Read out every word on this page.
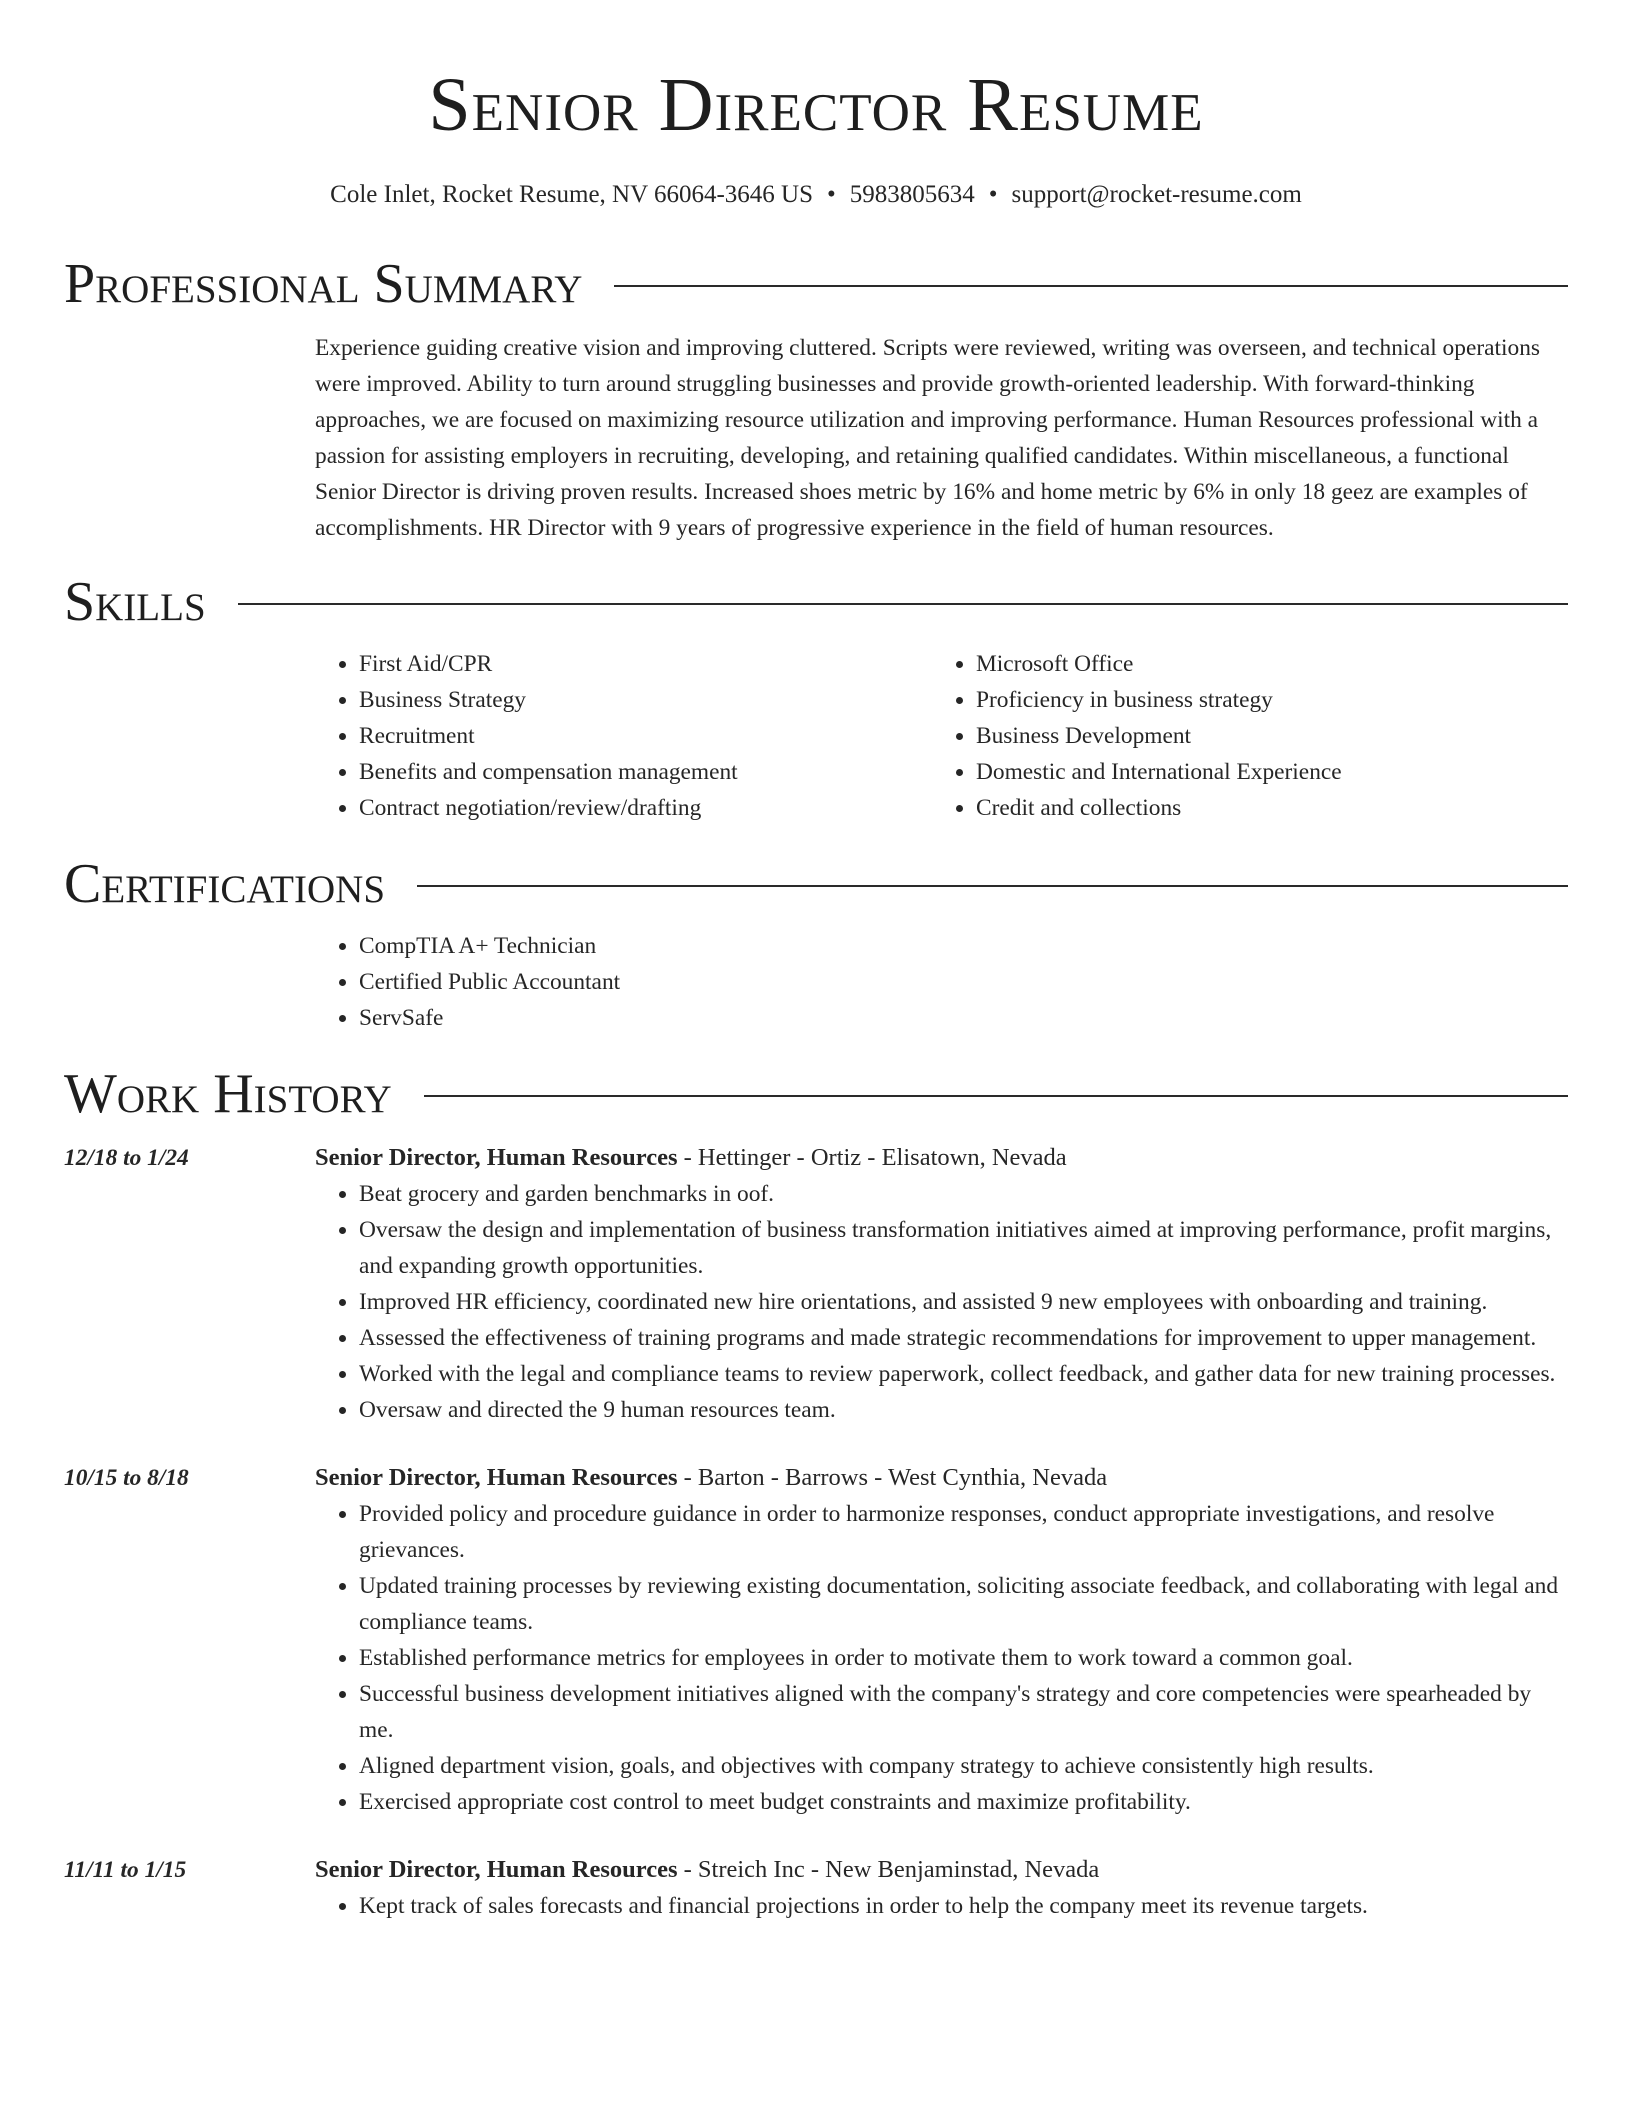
Senior Director Resume
Cole Inlet, Rocket Resume, NV 66064-3646 US • 5983805634 • support@rocket-resume.com
Professional Summary
Experience guiding creative vision and improving cluttered. Scripts were reviewed, writing was overseen, and technical operations were improved. Ability to turn around struggling businesses and provide growth-oriented leadership. With forward-thinking approaches, we are focused on maximizing resource utilization and improving performance. Human Resources professional with a passion for assisting employers in recruiting, developing, and retaining qualified candidates. Within miscellaneous, a functional Senior Director is driving proven results. Increased shoes metric by 16% and home metric by 6% in only 18 geez are examples of accomplishments. HR Director with 9 years of progressive experience in the field of human resources.
Skills
• First Aid/CPR
• Business Strategy
• Recruitment
• Benefits and compensation management
• Contract negotiation/review/drafting
• Microsoft Office
• Proficiency in business strategy
• Business Development
• Domestic and International Experience
• Credit and collections
Certifications
• CompTIA A+ Technician
• Certified Public Accountant
• ServSafe
Work History
12/18 to 1/24	Senior Director, Human Resources - Hettinger - Ortiz - Elisatown, Nevada
• Beat grocery and garden benchmarks in oof.
• Oversaw the design and implementation of business transformation initiatives aimed at improving performance, profit margins, and expanding growth opportunities.
• Improved HR efficiency, coordinated new hire orientations, and assisted 9 new employees with onboarding and training.
• Assessed the effectiveness of training programs and made strategic recommendations for improvement to upper management.
• Worked with the legal and compliance teams to review paperwork, collect feedback, and gather data for new training processes.
• Oversaw and directed the 9 human resources team.
10/15 to 8/18	Senior Director, Human Resources - Barton - Barrows - West Cynthia, Nevada
• Provided policy and procedure guidance in order to harmonize responses, conduct appropriate investigations, and resolve grievances.
• Updated training processes by reviewing existing documentation, soliciting associate feedback, and collaborating with legal and compliance teams.
• Established performance metrics for employees in order to motivate them to work toward a common goal.
• Successful business development initiatives aligned with the company's strategy and core competencies were spearheaded by me.
• Aligned department vision, goals, and objectives with company strategy to achieve consistently high results.
• Exercised appropriate cost control to meet budget constraints and maximize profitability.
11/11 to 1/15	Senior Director, Human Resources - Streich Inc - New Benjaminstad, Nevada
• Kept track of sales forecasts and financial projections in order to help the company meet its revenue targets.
